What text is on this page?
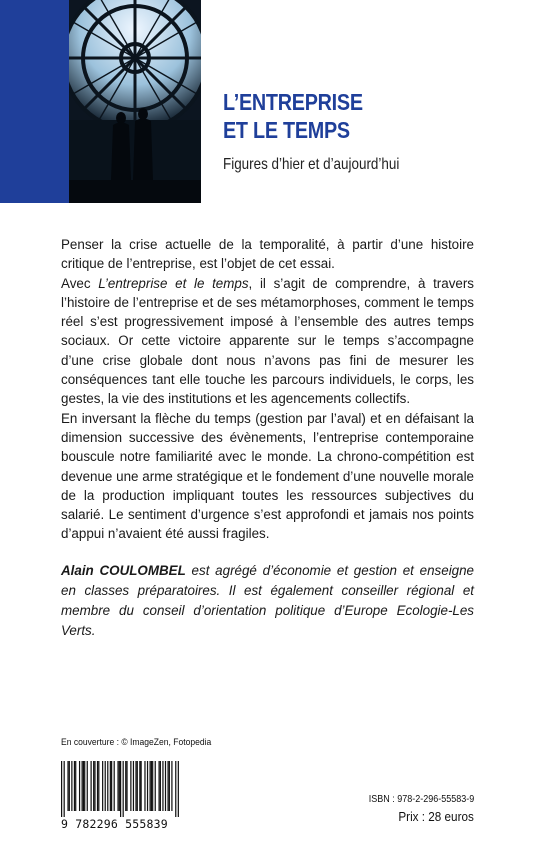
L’ENTREPRISE
ET LE TEMPS
Figures d’hier et d’aujourd’hui

Penser la crise actuelle de la temporalité, à partir d’une histoire critique de l’entreprise, est l’objet de cet essai.

Avec L’entreprise et le temps, il s’agit de comprendre, à travers l’histoire de l’entreprise et de ses métamorphoses, comment le temps réel s’est progressivement imposé à l’ensemble des autres temps sociaux. Or cette victoire apparente sur le temps s’accompagne d’une crise globale dont nous n’avons pas fini de mesurer les conséquences tant elle touche les parcours individuels, le corps, les gestes, la vie des institutions et les agencements collectifs.

En inversant la flèche du temps (gestion par l’aval) et en défaisant la dimension successive des évènements, l’entreprise contemporaine bouscule notre familiarité avec le monde. La chrono-compétition est devenue une arme stratégique et le fondement d’une nouvelle morale de la production impliquant toutes les ressources subjectives du salarié. Le sentiment d’urgence s’est approfondi et jamais nos points d’appui n’avaient été aussi fragiles.

Alain COULOMBEL est agrégé d’économie et gestion et enseigne en classes préparatoires. Il est également conseiller régional et membre du conseil d’orientation politique d’Europe Ecologie-Les Verts.
En couverture : © ImageZen, Fotopedia
9 782296 555839
ISBN : 978-2-296-55583-9
Prix : 28 euros
